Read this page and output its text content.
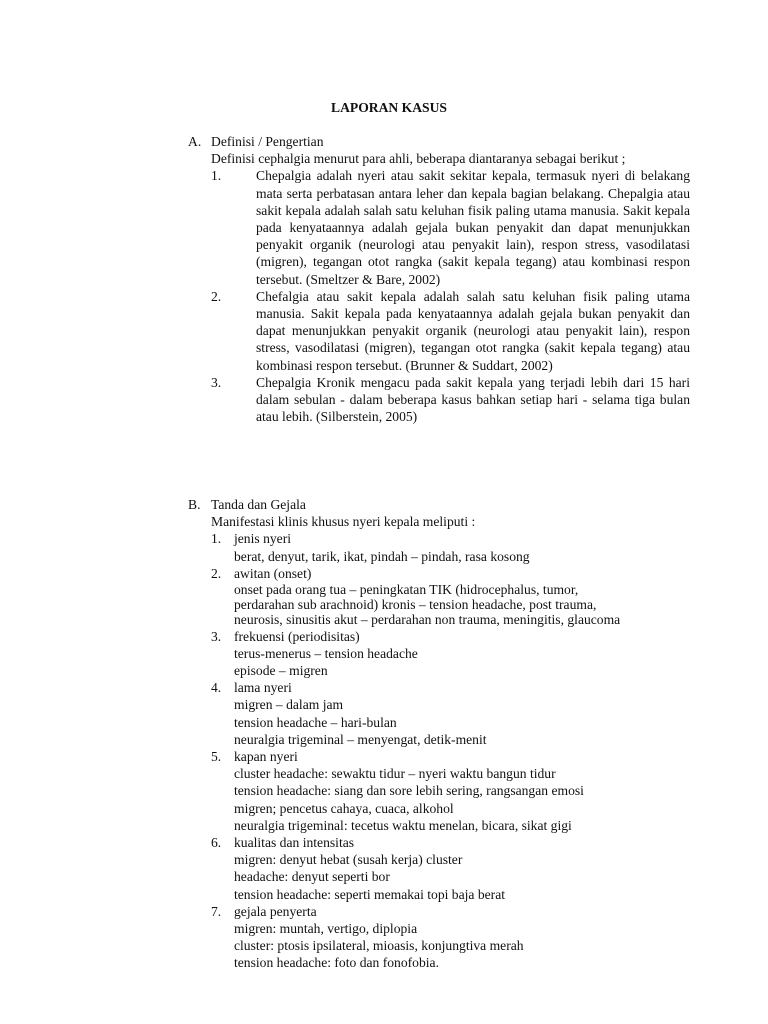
LAPORAN KASUS
A. Definisi / Pengertian
Definisi cephalgia menurut para ahli, beberapa diantaranya sebagai berikut ;
1.	Chepalgia adalah nyeri atau sakit sekitar kepala, termasuk nyeri di belakang mata serta perbatasan antara leher dan kepala bagian belakang. Chepalgia atau sakit kepala adalah salah satu keluhan fisik paling utama manusia. Sakit kepala pada kenyataannya adalah gejala bukan penyakit dan dapat menunjukkan penyakit organik (neurologi atau penyakit lain), respon stress, vasodilatasi (migren), tegangan otot rangka (sakit kepala tegang) atau kombinasi respon tersebut. (Smeltzer & Bare, 2002)
2.	Chefalgia atau sakit kepala adalah salah satu keluhan fisik paling utama manusia. Sakit kepala pada kenyataannya adalah gejala bukan penyakit dan dapat menunjukkan penyakit organik (neurologi atau penyakit lain), respon stress, vasodilatasi (migren), tegangan otot rangka (sakit kepala tegang) atau kombinasi respon tersebut. (Brunner & Suddart, 2002)
3.	Chepalgia Kronik mengacu pada sakit kepala yang terjadi lebih dari 15 hari dalam sebulan - dalam beberapa kasus bahkan setiap hari - selama tiga bulan atau lebih. (Silberstein, 2005)
B. Tanda dan Gejala
Manifestasi klinis khusus nyeri kepala meliputi :
1. jenis nyeri
berat, denyut, tarik, ikat, pindah – pindah, rasa kosong
2. awitan (onset)
onset pada orang tua – peningkatan TIK (hidrocephalus, tumor,
perdarahan sub arachnoid) kronis – tension headache, post trauma,
neurosis, sinusitis akut – perdarahan non trauma, meningitis, glaucoma
3. frekuensi (periodisitas)
terus-menerus – tension headache
episode – migren
4. lama nyeri
migren – dalam jam
tension headache – hari-bulan
neuralgia trigeminal – menyengat, detik-menit
5. kapan nyeri
cluster headache: sewaktu tidur – nyeri waktu bangun tidur
tension headache: siang dan sore lebih sering, rangsangan emosi
migren; pencetus cahaya, cuaca, alkohol
neuralgia trigeminal: tecetus waktu menelan, bicara, sikat gigi
6. kualitas dan intensitas
migren: denyut hebat (susah kerja) cluster
headache: denyut seperti bor
tension headache: seperti memakai topi baja berat
7. gejala penyerta
migren: muntah, vertigo, diplopia
cluster: ptosis ipsilateral, mioasis, konjungtiva merah
tension headache: foto dan fonofobia.
